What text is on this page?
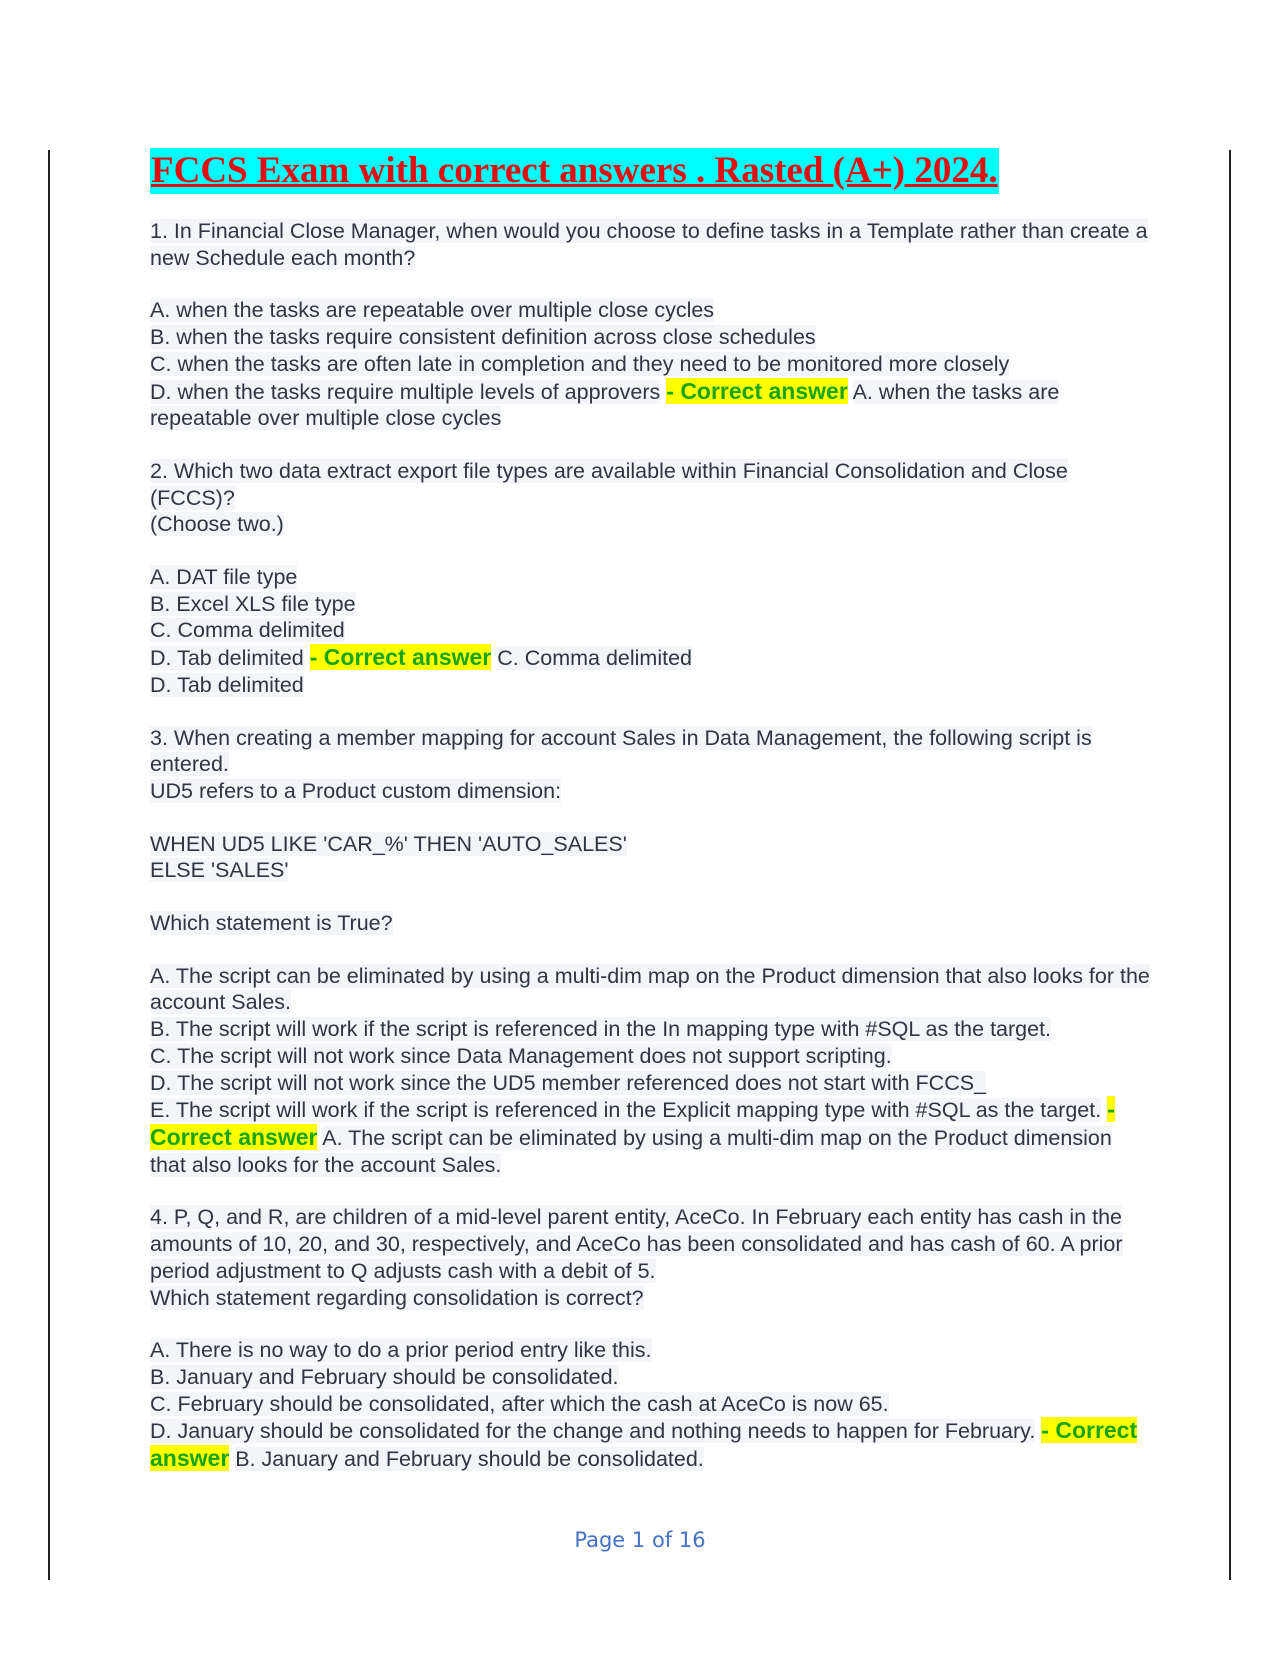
FCCS Exam with correct answers . Rasted (A+) 2024.
1. In Financial Close Manager, when would you choose to define tasks in a Template rather than create a new Schedule each month?
A. when the tasks are repeatable over multiple close cycles
B. when the tasks require consistent definition across close schedules
C. when the tasks are often late in completion and they need to be monitored more closely
D. when the tasks require multiple levels of approvers - Correct answer A. when the tasks are repeatable over multiple close cycles
2. Which two data extract export file types are available within Financial Consolidation and Close (FCCS)?
(Choose two.)
A. DAT file type
B. Excel XLS file type
C. Comma delimited
D. Tab delimited - Correct answer C. Comma delimited
D. Tab delimited
3. When creating a member mapping for account Sales in Data Management, the following script is entered.
UD5 refers to a Product custom dimension:
WHEN UD5 LIKE 'CAR_%' THEN 'AUTO_SALES'
ELSE 'SALES'
Which statement is True?
A. The script can be eliminated by using a multi-dim map on the Product dimension that also looks for the account Sales.
B. The script will work if the script is referenced in the In mapping type with #SQL as the target.
C. The script will not work since Data Management does not support scripting.
D. The script will not work since the UD5 member referenced does not start with FCCS_
E. The script will work if the script is referenced in the Explicit mapping type with #SQL as the target. - Correct answer A. The script can be eliminated by using a multi-dim map on the Product dimension that also looks for the account Sales.
4. P, Q, and R, are children of a mid-level parent entity, AceCo. In February each entity has cash in the amounts of 10, 20, and 30, respectively, and AceCo has been consolidated and has cash of 60. A prior period adjustment to Q adjusts cash with a debit of 5.
Which statement regarding consolidation is correct?
A. There is no way to do a prior period entry like this.
B. January and February should be consolidated.
C. February should be consolidated, after which the cash at AceCo is now 65.
D. January should be consolidated for the change and nothing needs to happen for February. - Correct answer B. January and February should be consolidated.
Page 1 of 16
